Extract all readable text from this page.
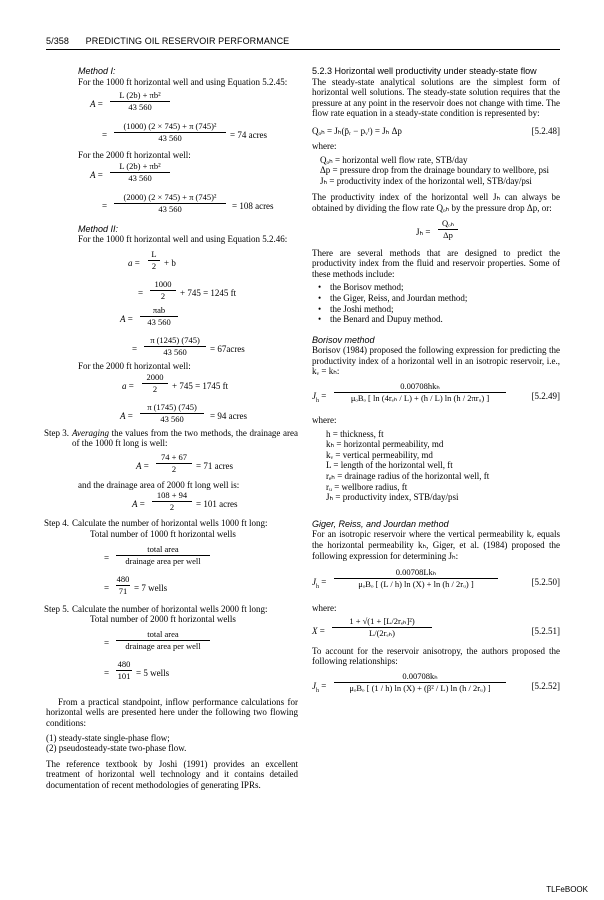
5/358 PREDICTING OIL RESERVOIR PERFORMANCE
Method I:
For the 1000 ft horizontal well and using Equation 5.2.45:
$A = \frac{\text{L (2b) + πb²}}{43 560}$
= $\frac{\text{(1000) (2 × 745) + π (745)²}}{43 560} = 74$ acres
For the 2000 ft horizontal well:
$A = \frac{\text{L (2b) + πb²}}{43 560}$
= $\frac{\text{(2000) (2 × 745) + π (745)²}}{43 560} = 108$ acres
Method II:
For the 1000 ft horizontal well and using Equation 5.2.46:
$a = \frac{L}{2} + b$
= $\frac{1000}{2} + 745 = 1245$ ft
A =
πab
43 560
= $\frac{\pi (1245) (745)}{43 560}$ = 67acres
For the 2000 ft horizontal well:
$a = \frac{2000}{2} + 745 = 1745$ ft
$A = \frac{\pi (1745) (745)}{43 560} = 94$ acres
Step 3. Averaging the values from the two methods, the drainage area of the 1000 ft long is well:
$A = \frac{74 + 67}{2} = 71$ acres
and the drainage area of 2000 ft long well is:
$A = \frac{108 + 94}{2} = 101$ acres
Step 4. Calculate the number of horizontal wells 1000 ft long:
Total number of 1000 ft horizontal wells
=
total area
drainage area per well
= $\frac{480}{71} = 7$ wells
Step 5. Calculate the number of horizontal wells 2000 ft long:
Total number of 2000 ft horizontal wells
=
total area
drainage area per well
= $\frac{480}{101} = 5$ wells
From a practical standpoint, inflow performance calculations for horizontal wells are presented here under the following two flowing conditions:
(1) steady-state single-phase flow;
(2) pseudosteady-state two-phase flow.
The reference textbook by Joshi (1991) provides an excellent treatment of horizontal well technology and it contains detailed documentation of recent methodologies of generating IPRs.
5.2.3 Horizontal well productivity under steady-state flow
The steady-state analytical solutions are the simplest form of horizontal well solutions. The steady-state solution requires that the pressure at any point in the reservoir does not change with time. The flow rate equation in a steady-state condition is represented by:
Qₒₕ = Jₕ(p̄ᵣ − pᵥᶠ) = Jₕ Δp	[5.2.48]
where:
Qₒₕ = horizontal well flow rate, STB/day
Δp = pressure drop from the drainage boundary to wellbore, psi
Jₕ = productivity index of the horizontal well, STB/day/psi
The productivity index of the horizontal well Jₕ can always be obtained by dividing the flow rate Qₒₕ by the pressure drop Δp, or:
Jₕ =
Qₒₕ
Δp
There are several methods that are designed to predict the productivity index from the fluid and reservoir properties. Some of these methods include:
• the Borisov method;
• the Giger, Reiss, and Jourdan method;
• the Joshi method;
• the Benard and Dupuy method.
Borisov method
Borisov (1984) proposed the following expression for predicting the productivity index of a horizontal well in an isotropic reservoir, i.e., kᵥ = kₕ:
$J_h$ =
0.00708hkₕ
μₒBₒ [ ln (4rₑₕ / L) + (h / L) ln (h / 2πrᵤ) ]	[5.2.49]
where:
h = thickness, ft
kₕ = horizontal permeability, md
kᵥ = vertical permeability, md
L = length of the horizontal well, ft
rₑₕ = drainage radius of the horizontal well, ft
rᵤ = wellbore radius, ft
Jₕ = productivity index, STB/day/psi
Giger, Reiss, and Jourdan method
For an isotropic reservoir where the vertical permeability kᵥ equals the horizontal permeability kₕ, Giger, et al. (1984) proposed the following expression for determining Jₕ:
$J_h$ =
0.00708Lkₕ
μₒBₒ [ (L / h) ln (X) + ln (h / 2rᵤ) ]	[5.2.50]
where:
X =
1 + √(1 + [L/2rₑₕ]²)
L/(2rₑₕ)	[5.2.51]
To account for the reservoir anisotropy, the authors proposed the following relationships:
$J_h$ =
0.00708kₕ
μₒBₒ [ (1 / h) ln (X) + (β² / L) ln (h / 2rᵤ) ]	[5.2.52]
TLFeBOOK
